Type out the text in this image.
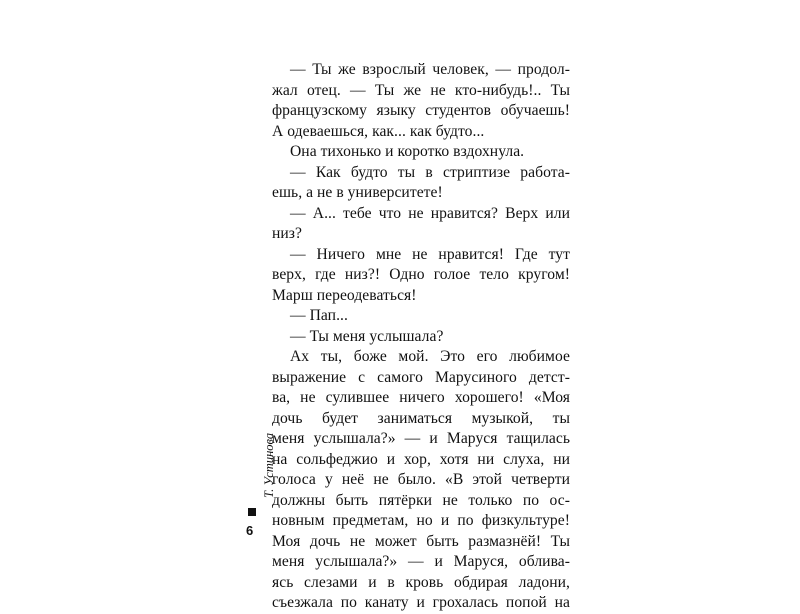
— Ты же взрослый человек, — продол-
жал отец. — Ты же не кто-нибудь!.. Ты
французскому языку студентов обучаешь!
А одеваешься, как... как будто...
Она тихонько и коротко вздохнула.
— Как будто ты в стриптизе работа-
ешь, а не в университете!
— А... тебе что не нравится? Верх или
низ?
— Ничего мне не нравится! Где тут
верх, где низ?! Одно голое тело кругом!
Марш переодеваться!
— Пап...
— Ты меня услышала?
Ах ты, боже мой. Это его любимое
выражение с самого Марусиного детст-
ва, не сулившее ничего хорошего! «Моя
дочь будет заниматься музыкой, ты
меня услышала?» — и Маруся тащилась
на сольфеджио и хор, хотя ни слуха, ни
голоса у неё не было. «В этой четверти
должны быть пятёрки не только по ос-
новным предметам, но и по физкультуре!
Моя дочь не может быть размазнёй! Ты
меня услышала?» — и Маруся, облива-
ясь слезами и в кровь обдирая ладони,
съезжала по канату и грохалась попой на
Т. Устинова
6
